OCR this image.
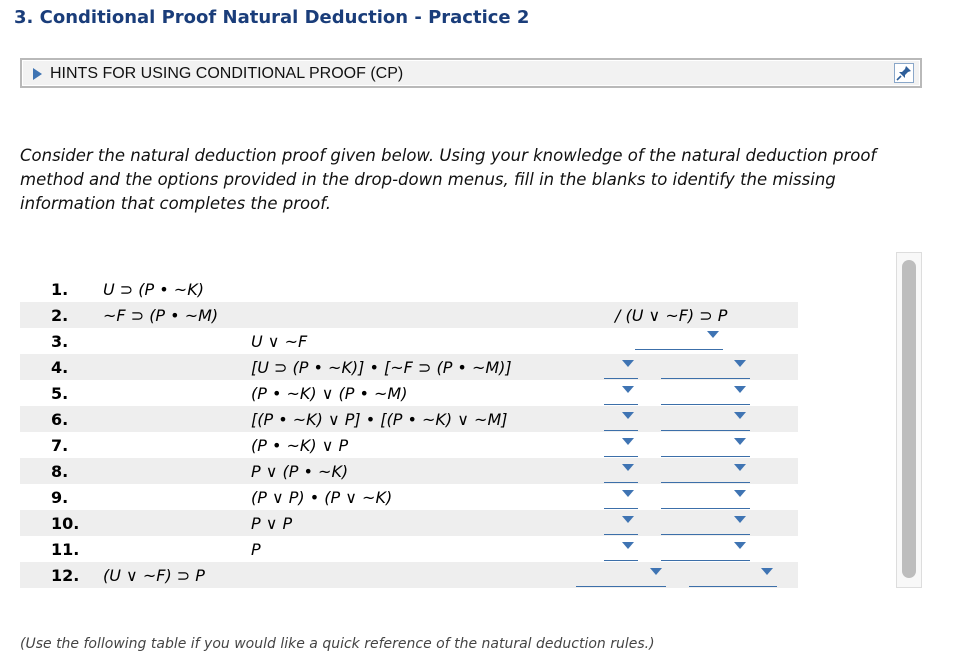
3. Conditional Proof Natural Deduction - Practice 2
HINTS FOR USING CONDITIONAL PROOF (CP)
Consider the natural deduction proof given below. Using your knowledge of the natural deduction proof method and the options provided in the drop-down menus, fill in the blanks to identify the missing information that completes the proof.
1. U ⊃ (P • ~K)
2. ~F ⊃ (P • ~M)	/ (U ∨ ~F) ⊃ P
3.	U ∨ ~F
4.	[U ⊃ (P • ~K)] • [~F ⊃ (P • ~M)]
5.	(P • ~K) ∨ (P • ~M)
6.	[(P • ~K) ∨ P] • [(P • ~K) ∨ ~M]
7.	(P • ~K) ∨ P
8.	P ∨ (P • ~K)
9.	(P ∨ P) • (P ∨ ~K)
10.	P ∨ P
11.	P
12. (U ∨ ~F) ⊃ P
(Use the following table if you would like a quick reference of the natural deduction rules.)
